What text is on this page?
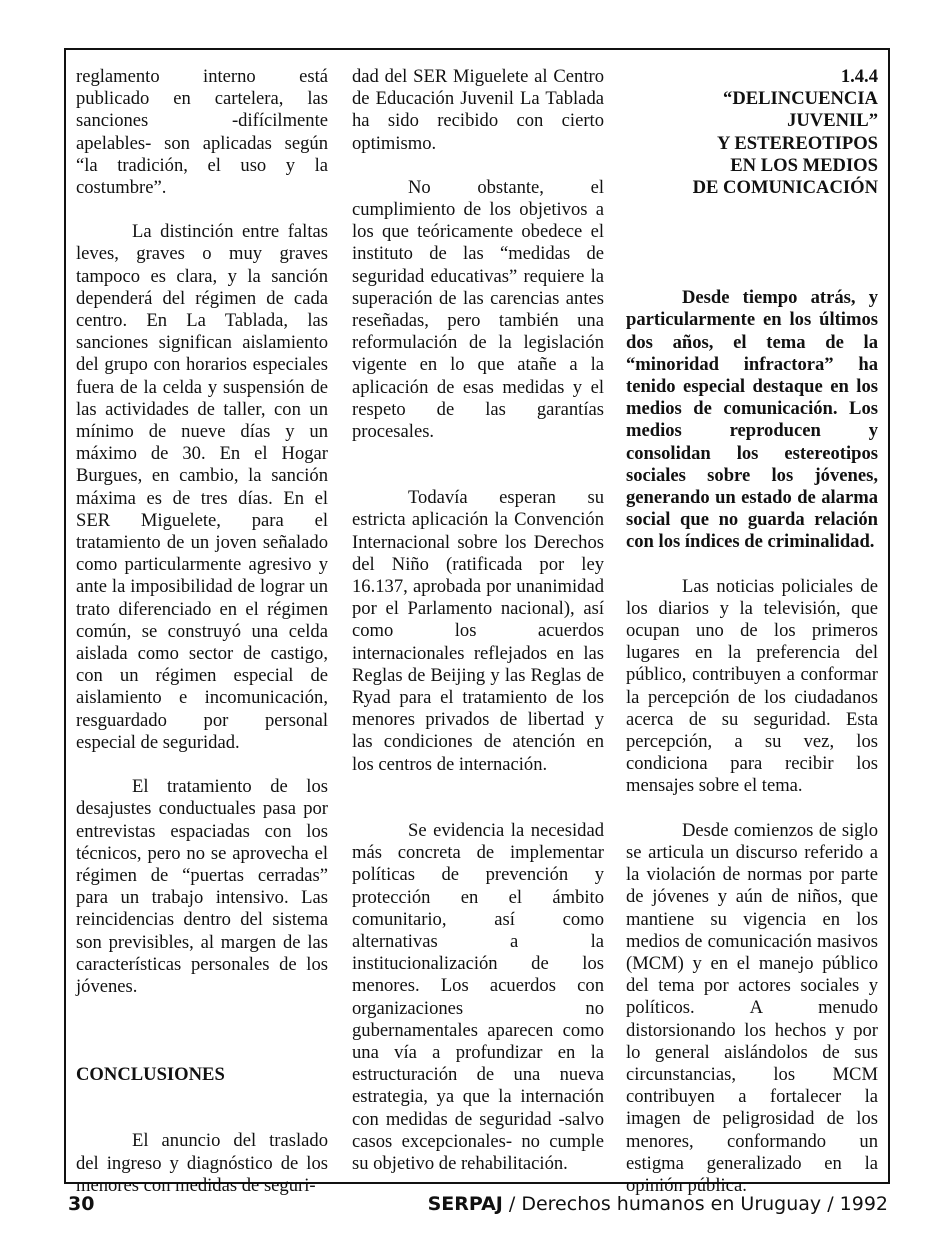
reglamento interno está publicado en cartelera, las sanciones -difícilmente apelables- son aplicadas según “la tradición, el uso y la costumbre”.

La distinción entre faltas leves, graves o muy graves tampoco es clara, y la sanción dependerá del régimen de cada centro. En La Tablada, las sanciones significan aislamiento del grupo con horarios especiales fuera de la celda y suspensión de las actividades de taller, con un mínimo de nueve días y un máximo de 30. En el Hogar Burgues, en cambio, la sanción máxima es de tres días. En el SER Miguelete, para el tratamiento de un joven señalado como particularmente agresivo y ante la imposibilidad de lograr un trato diferenciado en el régimen común, se construyó una celda aislada como sector de castigo, con un régimen especial de aislamiento e incomunicación, resguardado por personal especial de seguridad.

El tratamiento de los desajustes conductuales pasa por entrevistas espaciadas con los técnicos, pero no se aprovecha el régimen de “puertas cerradas” para un trabajo intensivo. Las reincidencias dentro del sistema son previsibles, al margen de las características personales de los jóvenes.

CONCLUSIONES

El anuncio del traslado del ingreso y diagnóstico de los menores con medidas de seguri-

dad del SER Miguelete al Centro de Educación Juvenil La Tablada ha sido recibido con cierto optimismo.

No obstante, el cumplimiento de los objetivos a los que teóricamente obedece el instituto de las “medidas de seguridad educativas” requiere la superación de las carencias antes reseñadas, pero también una reformulación de la legislación vigente en lo que atañe a la aplicación de esas medidas y el respeto de las garantías procesales.

Todavía esperan su estricta aplicación la Convención Internacional sobre los Derechos del Niño (ratificada por ley 16.137, aprobada por unanimidad por el Parlamento nacional), así como los acuerdos internacionales reflejados en las Reglas de Beijing y las Reglas de Ryad para el tratamiento de los menores privados de libertad y las condiciones de atención en los centros de internación.

Se evidencia la necesidad más concreta de implementar políticas de prevención y protección en el ámbito comunitario, así como alternativas a la institucionalización de los menores. Los acuerdos con organizaciones no gubernamentales aparecen como una vía a profundizar en la estructuración de una nueva estrategia, ya que la internación con medidas de seguridad -salvo casos excepcionales- no cumple su objetivo de rehabilitación.

1.4.4
“DELINCUENCIA
JUVENIL”
Y ESTEREOTIPOS
EN LOS MEDIOS
DE COMUNICACIÓN

Desde tiempo atrás, y particularmente en los últimos dos años, el tema de la “minoridad infractora” ha tenido especial destaque en los medios de comunicación. Los medios reproducen y consolidan los estereotipos sociales sobre los jóvenes, generando un estado de alarma social que no guarda relación con los índices de criminalidad.

Las noticias policiales de los diarios y la televisión, que ocupan uno de los primeros lugares en la preferencia del público, contribuyen a conformar la percepción de los ciudadanos acerca de su seguridad. Esta percepción, a su vez, los condiciona para recibir los mensajes sobre el tema.

Desde comienzos de siglo se articula un discurso referido a la violación de normas por parte de jóvenes y aún de niños, que mantiene su vigencia en los medios de comunicación masivos (MCM) y en el manejo público del tema por actores sociales y políticos. A menudo distorsionando los hechos y por lo general aislándolos de sus circunstancias, los MCM contribuyen a fortalecer la imagen de peligrosidad de los menores, conformando un estigma generalizado en la opinión pública.

30	SERPAJ / Derechos humanos en Uruguay / 1992
